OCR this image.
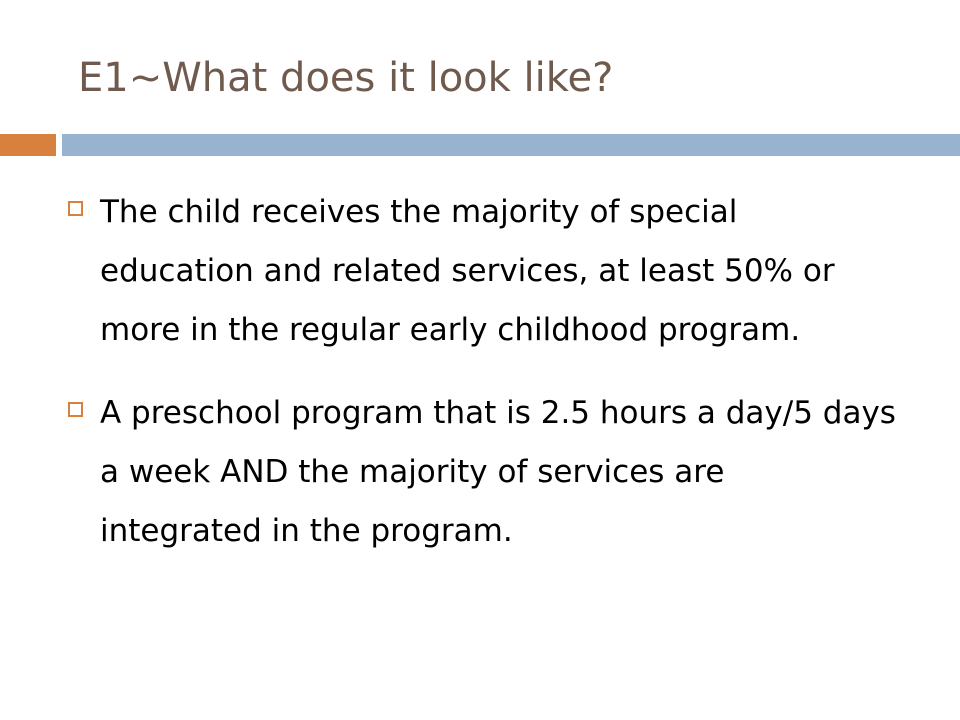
E1~What does it look like?
The child receives the majority of special education and related services, at least 50% or more in the regular early childhood program.
A preschool program that is 2.5 hours a day/5 days a week AND the majority of services are integrated in the program.
